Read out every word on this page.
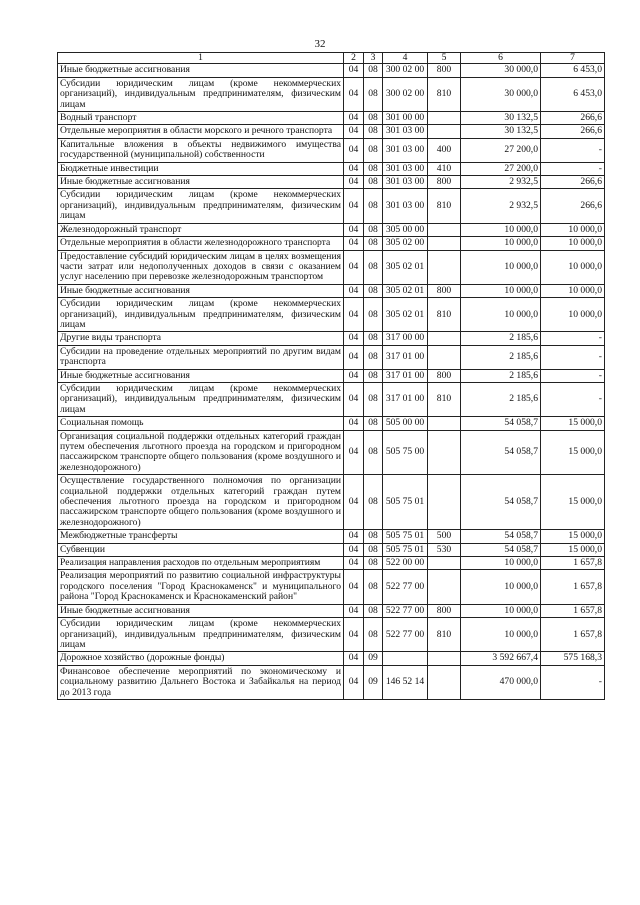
32
1	2	3	4	5	6	7
Иные бюджетные ассигнования	04	08	300 02 00	800	30 000,0	6 453,0
Субсидии юридическим лицам (кроме некоммерческих организаций), индивидуальным предпринимателям, физическим лицам	04	08	300 02 00	810	30 000,0	6 453,0
Водный транспорт	04	08	301 00 00		30 132,5	266,6
Отдельные мероприятия в области морского и речного транспорта	04	08	301 03 00		30 132,5	266,6
Капитальные вложения в объекты недвижимого имущества государственной (муниципальной) собственности	04	08	301 03 00	400	27 200,0	-
Бюджетные инвестиции	04	08	301 03 00	410	27 200,0	-
Иные бюджетные ассигнования	04	08	301 03 00	800	2 932,5	266,6
Субсидии юридическим лицам (кроме некоммерческих организаций), индивидуальным предпринимателям, физическим лицам	04	08	301 03 00	810	2 932,5	266,6
Железнодорожный транспорт	04	08	305 00 00		10 000,0	10 000,0
Отдельные мероприятия в области железнодорожного транспорта	04	08	305 02 00		10 000,0	10 000,0
Предоставление субсидий юридическим лицам в целях возмещения части затрат или недополученных доходов в связи с оказанием услуг населению при перевозке железнодорожным транспортом	04	08	305 02 01		10 000,0	10 000,0
Иные бюджетные ассигнования	04	08	305 02 01	800	10 000,0	10 000,0
Субсидии юридическим лицам (кроме некоммерческих организаций), индивидуальным предпринимателям, физическим лицам	04	08	305 02 01	810	10 000,0	10 000,0
Другие виды транспорта	04	08	317 00 00		2 185,6	-
Субсидии на проведение отдельных мероприятий по другим видам транспорта	04	08	317 01 00		2 185,6	-
Иные бюджетные ассигнования	04	08	317 01 00	800	2 185,6	-
Субсидии юридическим лицам (кроме некоммерческих организаций), индивидуальным предпринимателям, физическим лицам	04	08	317 01 00	810	2 185,6	-
Социальная помощь	04	08	505 00 00		54 058,7	15 000,0
Организация социальной поддержки отдельных категорий граждан путем обеспечения льготного проезда на городском и пригородном пассажирском транспорте общего пользования (кроме воздушного и железнодорожного)	04	08	505 75 00		54 058,7	15 000,0
Осуществление государственного полномочия по организации социальной поддержки отдельных категорий граждан путем обеспечения льготного проезда на городском и пригородном пассажирском транспорте общего пользования (кроме воздушного и железнодорожного)	04	08	505 75 01		54 058,7	15 000,0
Межбюджетные трансферты	04	08	505 75 01	500	54 058,7	15 000,0
Субвенции	04	08	505 75 01	530	54 058,7	15 000,0
Реализация направления расходов по отдельным мероприятиям	04	08	522 00 00		10 000,0	1 657,8
Реализация мероприятий по развитию социальной инфраструктуры городского поселения "Город Краснокаменск" и муниципального района "Город Краснокаменск и Краснокаменский район"	04	08	522 77 00		10 000,0	1 657,8
Иные бюджетные ассигнования	04	08	522 77 00	800	10 000,0	1 657,8
Субсидии юридическим лицам (кроме некоммерческих организаций), индивидуальным предпринимателям, физическим лицам	04	08	522 77 00	810	10 000,0	1 657,8
Дорожное хозяйство (дорожные фонды)	04	09			3 592 667,4	575 168,3
Финансовое обеспечение мероприятий по экономическому и социальному развитию Дальнего Востока и Забайкалья на период до 2013 года	04	09	146 52 14		470 000,0	-
